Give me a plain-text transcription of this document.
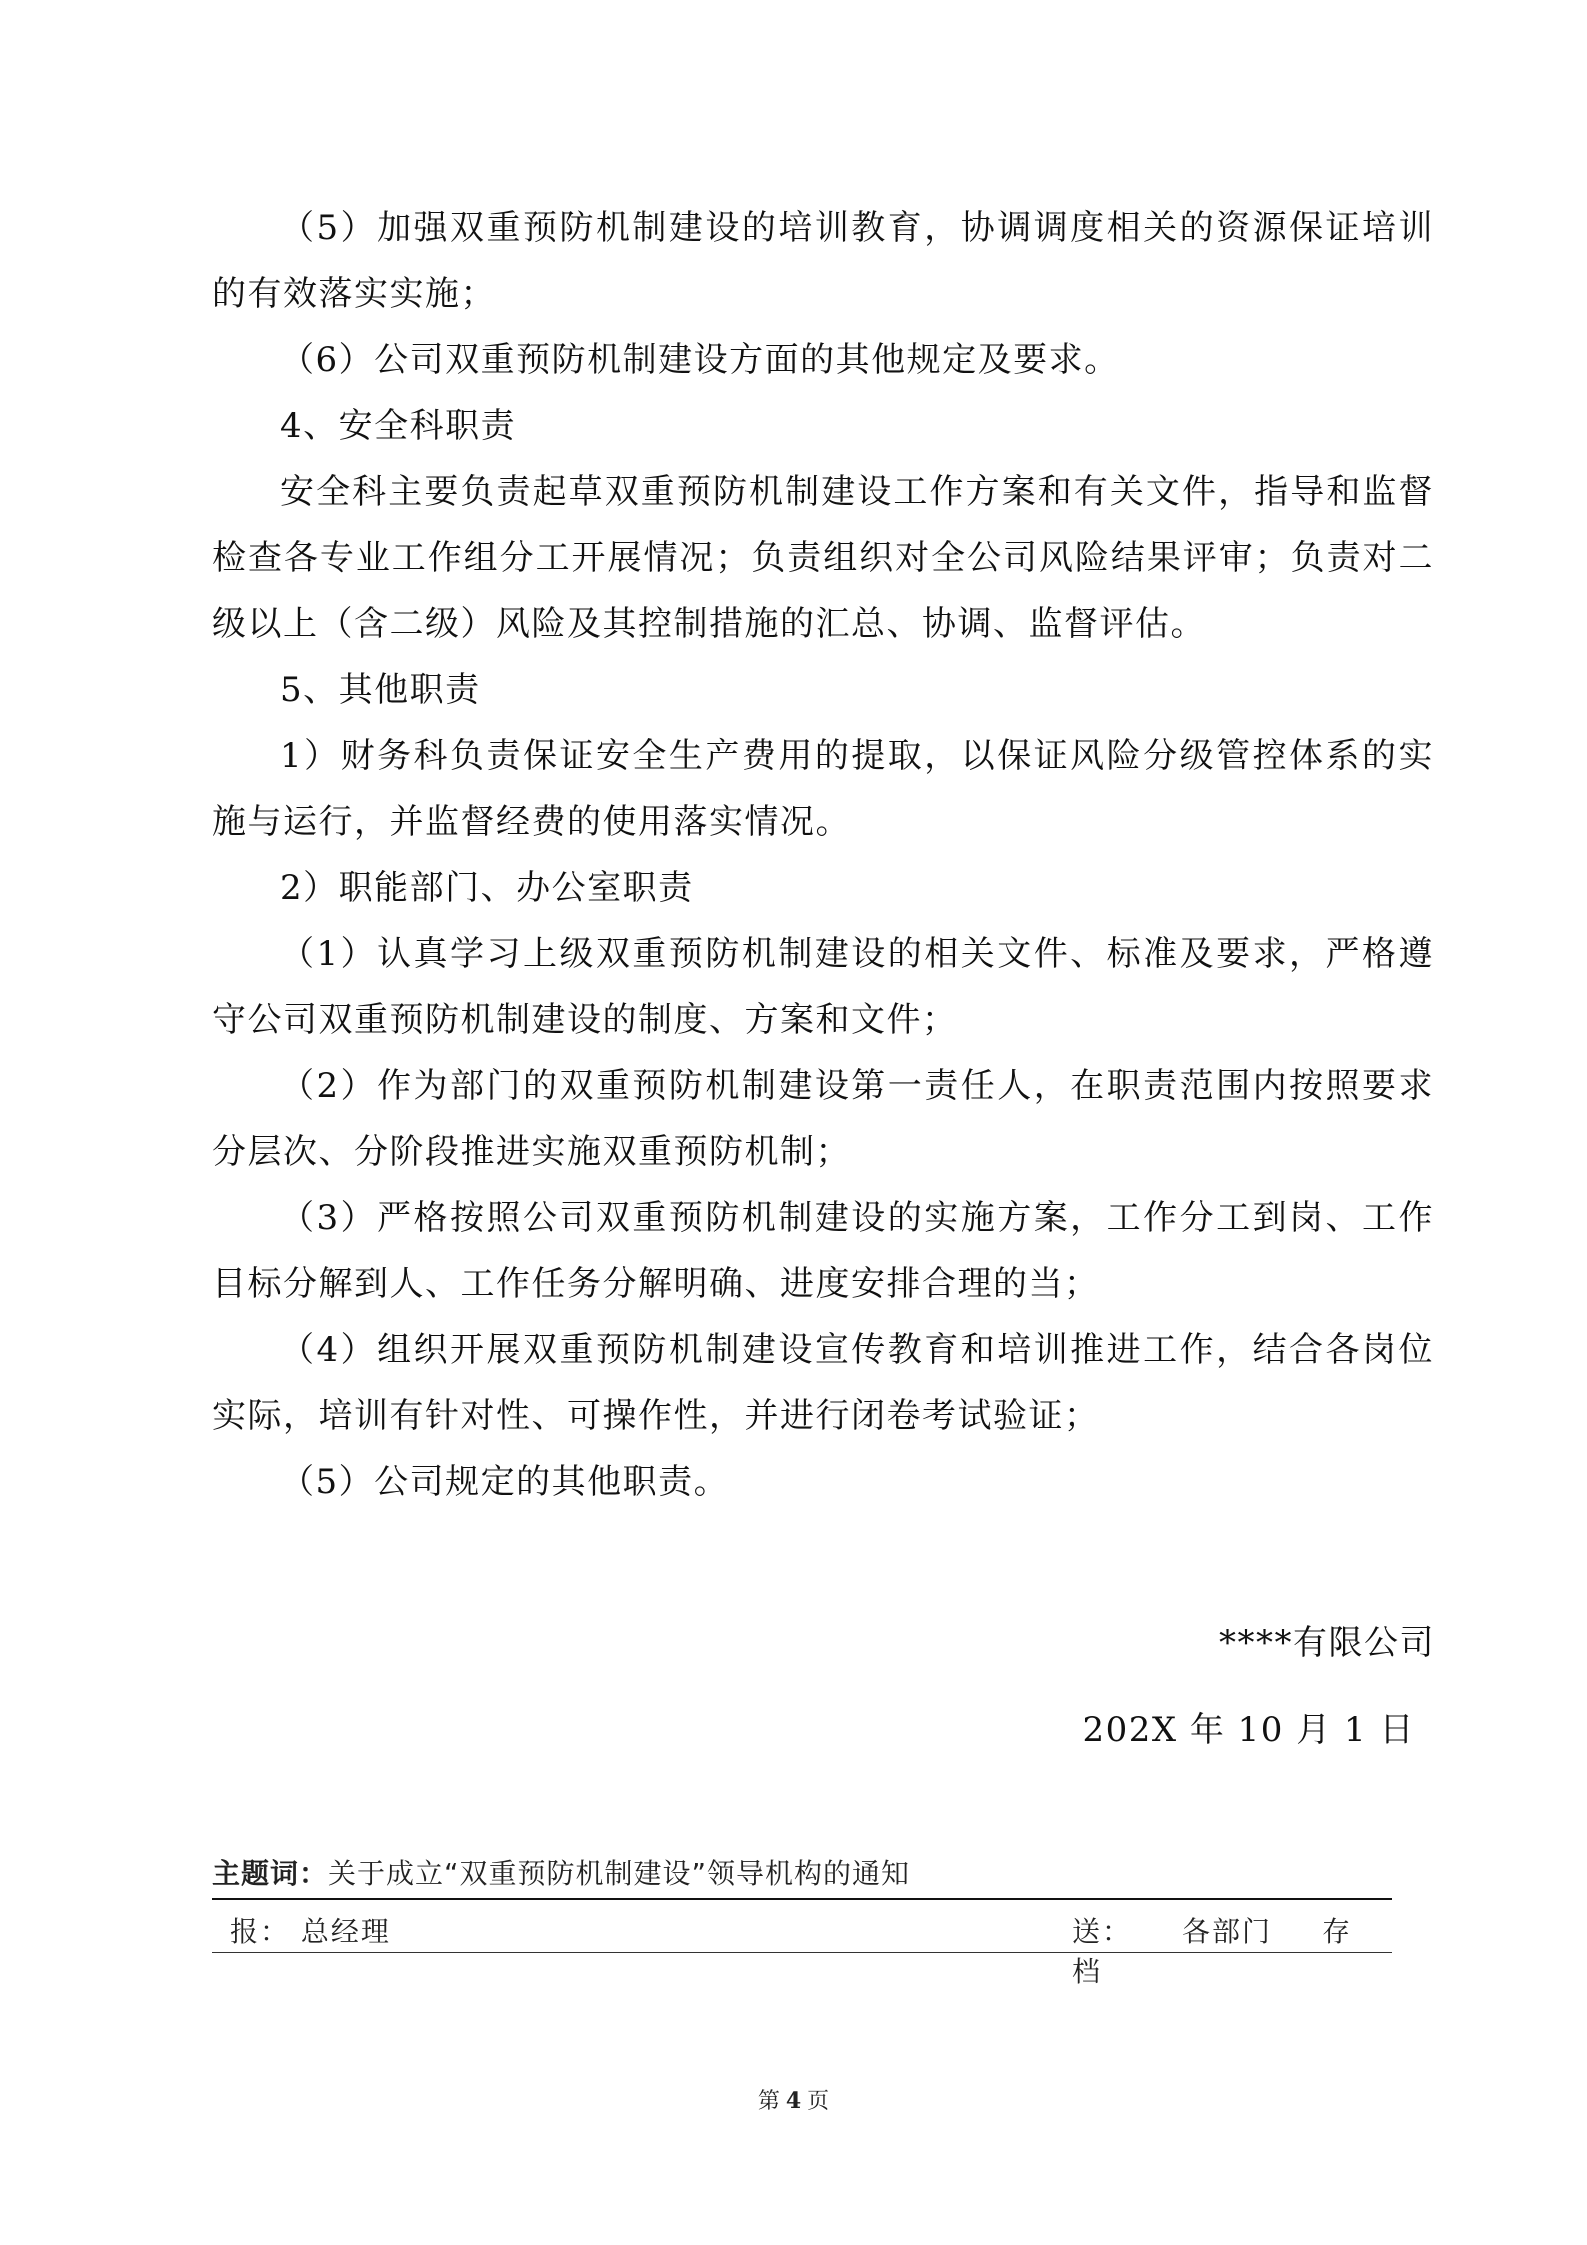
（5）加强双重预防机制建设的培训教育，协调调度相关的资源保证培训的有效落实实施；

（6）公司双重预防机制建设方面的其他规定及要求。

4、安全科职责

安全科主要负责起草双重预防机制建设工作方案和有关文件，指导和监督检查各专业工作组分工开展情况；负责组织对全公司风险结果评审；负责对二级以上（含二级）风险及其控制措施的汇总、协调、监督评估。

5、其他职责

1）财务科负责保证安全生产费用的提取，以保证风险分级管控体系的实施与运行，并监督经费的使用落实情况。

2）职能部门、办公室职责

（1）认真学习上级双重预防机制建设的相关文件、标准及要求，严格遵守公司双重预防机制建设的制度、方案和文件；

（2）作为部门的双重预防机制建设第一责任人，在职责范围内按照要求分层次、分阶段推进实施双重预防机制；

（3）严格按照公司双重预防机制建设的实施方案，工作分工到岗、工作目标分解到人、工作任务分解明确、进度安排合理的当；

（4）组织开展双重预防机制建设宣传教育和培训推进工作，结合各岗位实际，培训有针对性、可操作性，并进行闭卷考试验证；

（5）公司规定的其他职责。

****有限公司
202X 年 10 月 1 日
主题词：关于成立“双重预防机制建设”领导机构的通知
报： 总经理	送： 各部门 存档
第 4 页
